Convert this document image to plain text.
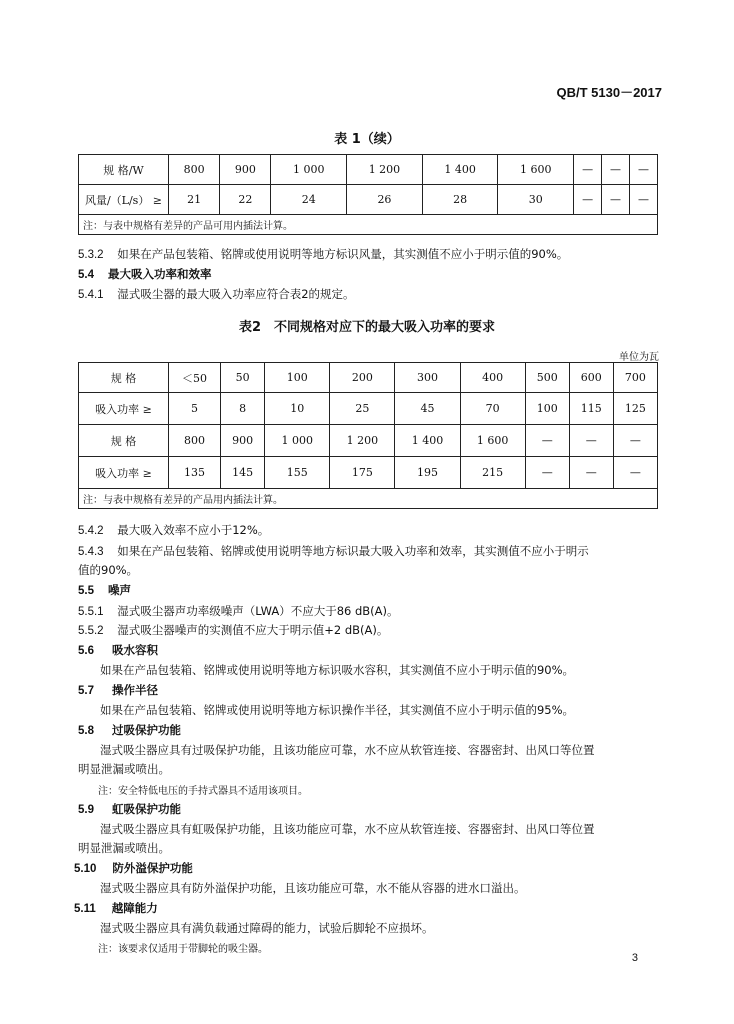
QB/T 5130－2017
表 1（续）
规 格/W	800	900	1 000	1 200	1 400	1 600	—	—	—
风量/（L/s） ≥	21	22	24	26	28	30	—	—	—
注：与表中规格有差异的产品可用内插法计算。									
5.3.2 如果在产品包装箱、铭牌或使用说明等地方标识风量，其实测值不应小于明示值的90%。
5.4 最大吸入功率和效率
5.4.1 湿式吸尘器的最大吸入功率应符合表2的规定。
表2　不同规格对应下的最大吸入功率的要求
单位为瓦
规 格	＜50	50	100	200	300	400	500	600	700
吸入功率 ≥	5	8	10	25	45	70	100	115	125
规 格	800	900	1 000	1 200	1 400	1 600	—	—	—
吸入功率 ≥	135	145	155	175	195	215	—	—	—
注：与表中规格有差异的产品用内插法计算。									
5.4.2 最大吸入效率不应小于12%。
5.4.3 如果在产品包装箱、铭牌或使用说明等地方标识最大吸入功率和效率，其实测值不应小于明示
值的90%。
5.5 噪声
5.5.1 湿式吸尘器声功率级噪声（LWA）不应大于86 dB(A)。
5.5.2 湿式吸尘器噪声的实测值不应大于明示值+2 dB(A)。
5.6 吸水容积
如果在产品包装箱、铭牌或使用说明等地方标识吸水容积，其实测值不应小于明示值的90%。
5.7 操作半径
如果在产品包装箱、铭牌或使用说明等地方标识操作半径，其实测值不应小于明示值的95%。
5.8 过吸保护功能
湿式吸尘器应具有过吸保护功能，且该功能应可靠，水不应从软管连接、容器密封、出风口等位置
明显泄漏或喷出。
注：安全特低电压的手持式器具不适用该项目。
5.9 虹吸保护功能
湿式吸尘器应具有虹吸保护功能，且该功能应可靠，水不应从软管连接、容器密封、出风口等位置
明显泄漏或喷出。
5.10 防外溢保护功能
湿式吸尘器应具有防外溢保护功能，且该功能应可靠，水不能从容器的进水口溢出。
5.11 越障能力
湿式吸尘器应具有满负载通过障碍的能力，试验后脚轮不应损坏。
注：该要求仅适用于带脚轮的吸尘器。
3
